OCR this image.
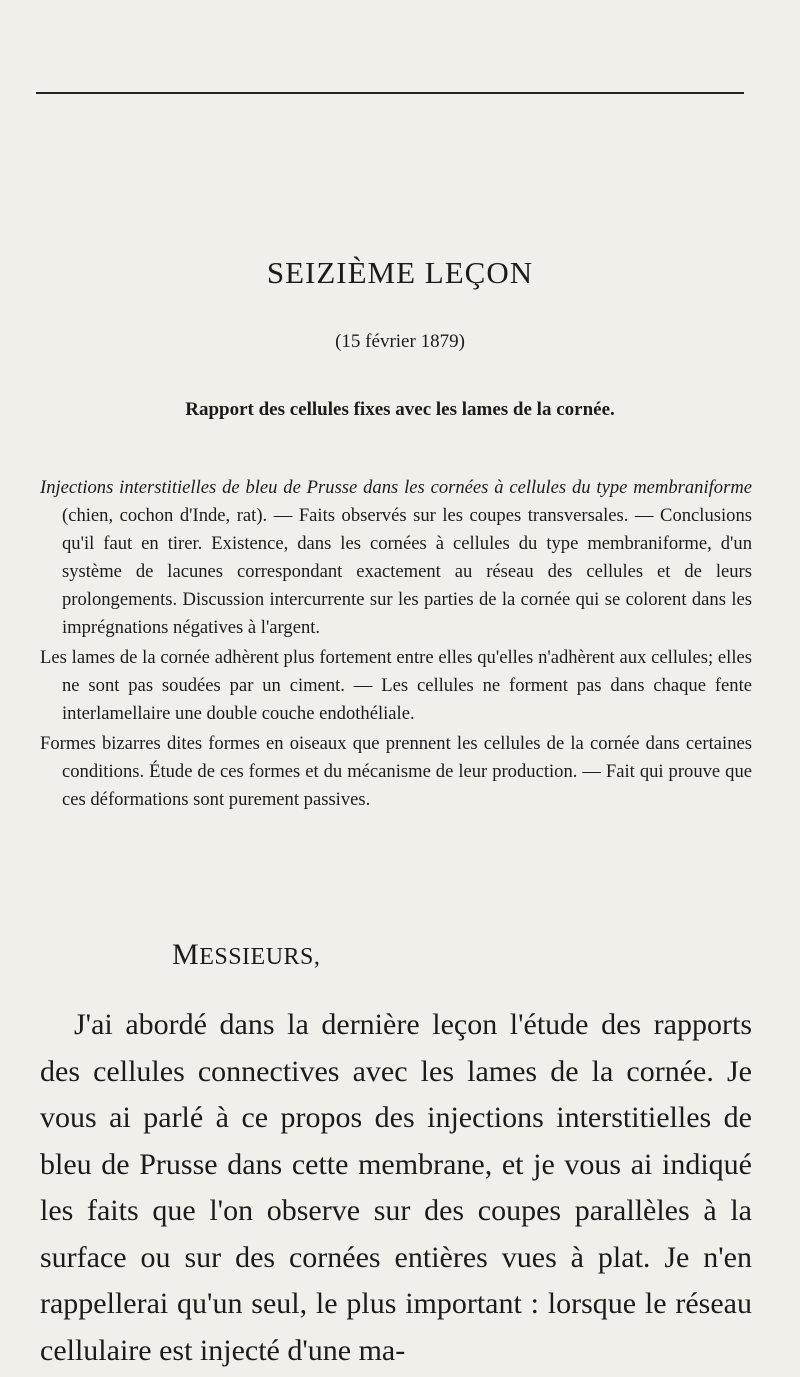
SEIZIÈME LEÇON
(15 février 1879)
Rapport des cellules fixes avec les lames de la cornée.

Injections interstitielles de bleu de Prusse dans les cornées à cellules du type membraniforme (chien, cochon d'Inde, rat). — Faits observés sur les coupes transversales. — Conclusions qu'il faut en tirer. Existence, dans les cornées à cellules du type membraniforme, d'un système de lacunes correspondant exactement au réseau des cellules et de leurs prolongements. Discussion intercurrente sur les parties de la cornée qui se colorent dans les imprégnations négatives à l'argent.

Les lames de la cornée adhèrent plus fortement entre elles qu'elles n'adhèrent aux cellules; elles ne sont pas soudées par un ciment. — Les cellules ne forment pas dans chaque fente interlamellaire une double couche endothéliale.

Formes bizarres dites formes en oiseaux que prennent les cellules de la cornée dans certaines conditions. Étude de ces formes et du mécanisme de leur production. — Fait qui prouve que ces déformations sont purement passives.

MESSIEURS,

J'ai abordé dans la dernière leçon l'étude des rapports des cellules connectives avec les lames de la cornée. Je vous ai parlé à ce propos des injections interstitielles de bleu de Prusse dans cette membrane, et je vous ai indiqué les faits que l'on observe sur des coupes parallèles à la surface ou sur des cornées entières vues à plat. Je n'en rappellerai qu'un seul, le plus important : lorsque le réseau cellulaire est injecté d'une ma-
